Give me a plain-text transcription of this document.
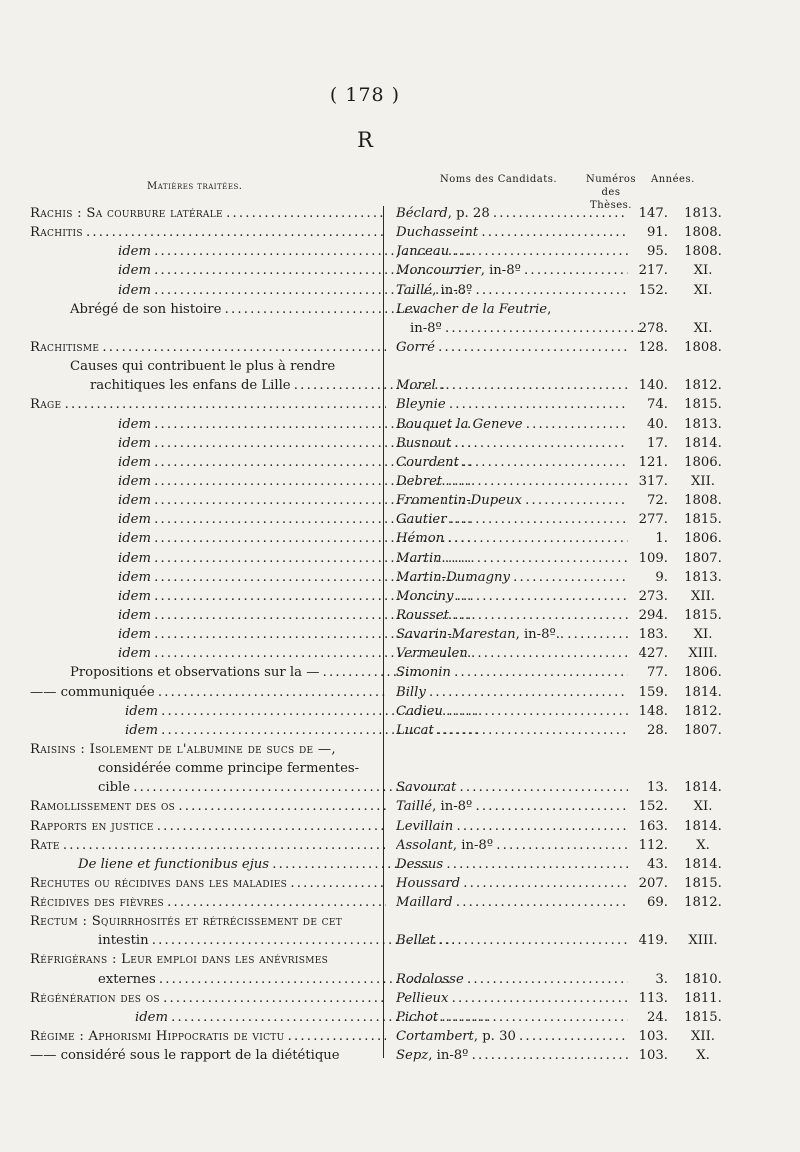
( 178 )
R
Matières traitées.
Noms des Candidats.	Numéros
des Thèses.
Années.
Rachis : Sa courbure latérale . . .	Béclard, p. 28 . . .	147.	1813.
Rachitis . . .	Duchasseint . . .	91.	1808.
idem . . .	Janceau . . .	95.	1808.
idem . . .	Moncourrier, in-8º . . .	217.	XI.
idem . . .	Taillé, in-8º . . .	152.	XI.
Abrégé de son histoire . . .	Levacher de la Feutrie,
in-8º . . .	278.	XI.
Rachitisme . . .	Gorré . . .	128.	1808.
Causes qui contribuent le plus à rendre
rachitiques les enfans de Lille . . .	Morel . . .	140.	1812.
Rage . . .	Bleynie . . .	74.	1815.
idem . . .	Bouquet la Geneve . . .	40.	1813.
idem . . .	Busnout . . .	17.	1814.
idem . . .	Courdent . . .	121.	1806.
idem . . .	Debret . . .	317.	XII.
idem . . .	Fromentin-Dupeux . . .	72.	1808.
idem . . .	Gautier . . .	277.	1815.
idem . . .	Hémon . . .	1.	1806.
idem . . .	Martin . . .	109.	1807.
idem . . .	Martin-Dumagny . . .	9.	1813.
idem . . .	Monciny . . .	273.	XII.
idem . . .	Rousset . . .	294.	1815.
idem . . .	Savarin-Marestan, in-8º.. . . .	183.	XI.
idem . . .	Vermeulen . . .	427.	XIII.
Propositions et observations sur la — . . .	Simonin . . .	77.	1806.
—— communiquée . . .	Billy . . .	159.	1814.
idem . . .	Cadieu . . .	148.	1812.
idem . . .	Lucat . . .	28.	1807.
Raisins : Isolement de l'albumine de sucs de —,
considérée comme principe fermentes-
cible . . .	Savourat . . .	13.	1814.
Ramollissement des os . . .	Taillé, in-8º . . .	152.	XI.
Rapports en justice . . .	Levillain . . .	163.	1814.
Rate . . .	Assolant, in-8º . . .	112.	X.
De liene et functionibus ejus . . .	Dessus . . .	43.	1814.
Rechutes ou récidives dans les maladies . . .	Houssard . . .	207.	1815.
Récidives des fièvres . . .	Maillard . . .	69.	1812.
Rectum : Squirrhosités et rétrécissement de cet
intestin . . .	Bellet . . .	419.	XIII.
Réfrigérans : Leur emploi dans les anévrismes
externes . . .	Rodolosse . . .	3.	1810.
Régénération des os . . .	Pellieux . . .	113.	1811.
idem . . .	Pichot . . .	24.	1815.
Régime : Aphorismi Hippocratis de victu . . .	Cortambert, p. 30 . . .	103.	XII.
—— considéré sous le rapport de la diététique	Sepz, in-8º . . .	103.	X.
